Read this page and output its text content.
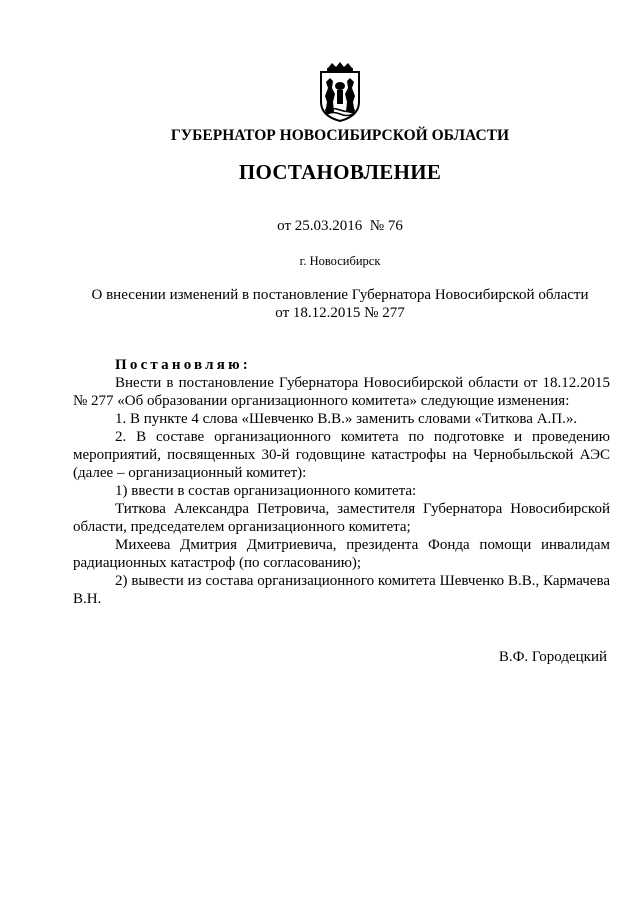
ГУБЕРНАТОР НОВОСИБИРСКОЙ ОБЛАСТИ
ПОСТАНОВЛЕНИЕ
от 25.03.2016  № 76
г. Новосибирск
О внесении изменений в постановление Губернатора Новосибирской области
от 18.12.2015 № 277

Постановляю:

Внести в постановление Губернатора Новосибирской области от 18.12.2015 № 277 «Об образовании организационного комитета» следующие изменения:

1. В пункте 4 слова «Шевченко В.В.» заменить словами «Титкова А.П.».

2. В составе организационного комитета по подготовке и проведению мероприятий, посвященных 30-й годовщине катастрофы на Чернобыльской АЭС (далее – организационный комитет):

1) ввести в состав организационного комитета:

Титкова Александра Петровича, заместителя Губернатора Новосибирской области, председателем организационного комитета;

Михеева Дмитрия Дмитриевича, президента Фонда помощи инвалидам радиационных катастроф (по согласованию);

2) вывести из состава организационного комитета Шевченко В.В., Кармачева В.Н.

В.Ф. Городецкий
